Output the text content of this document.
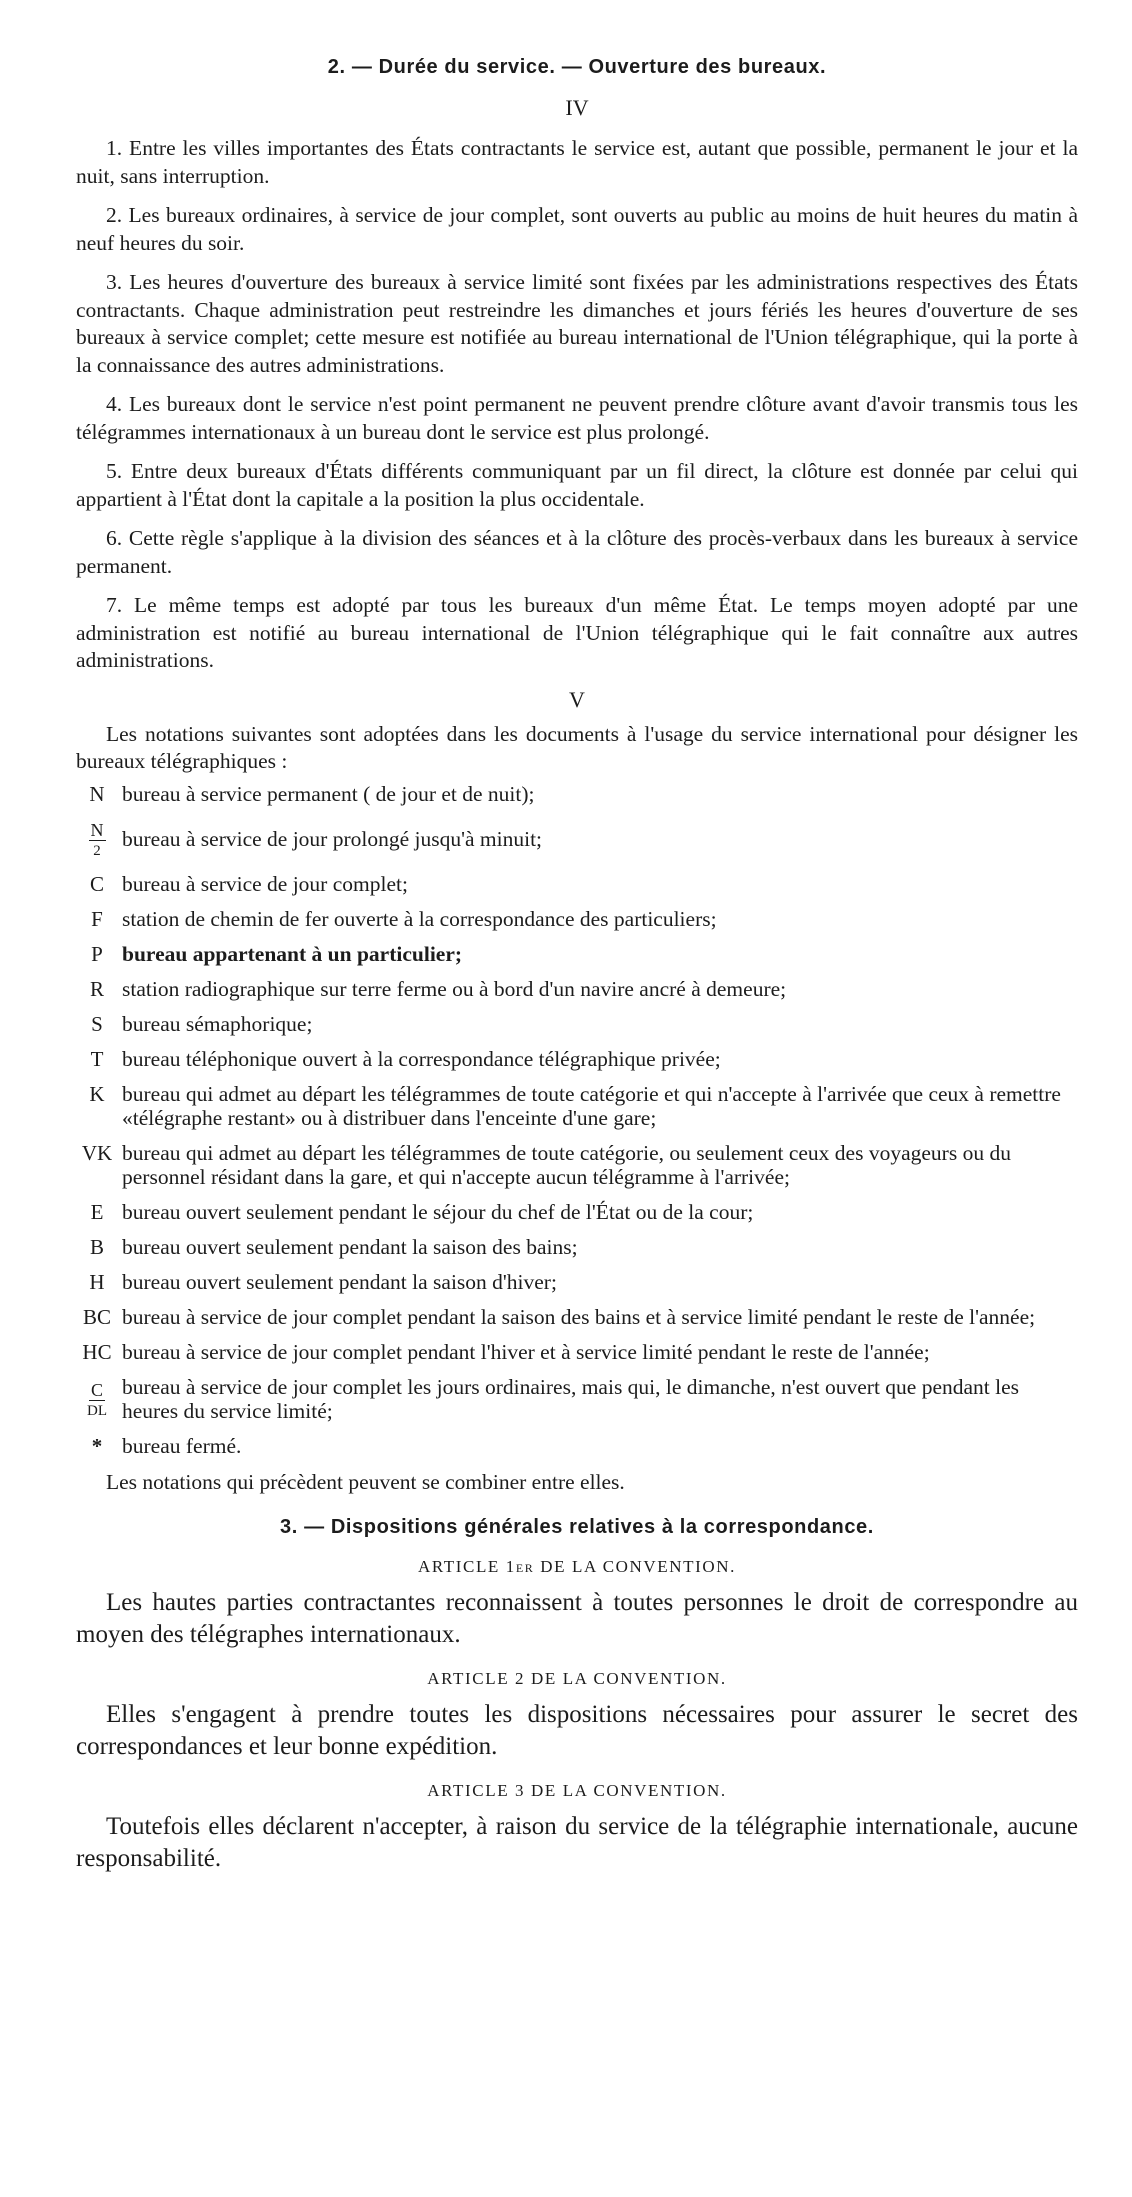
2. — Durée du service. — Ouverture des bureaux.
IV

1. Entre les villes importantes des États contractants le service est, autant que possible, permanent le jour et la nuit, sans interruption.

2. Les bureaux ordinaires, à service de jour complet, sont ouverts au public au moins de huit heures du matin à neuf heures du soir.

3. Les heures d'ouverture des bureaux à service limité sont fixées par les administrations respectives des États contractants. Chaque administration peut restreindre les dimanches et jours fériés les heures d'ouverture de ses bureaux à service complet; cette mesure est notifiée au bureau international de l'Union télégraphique, qui la porte à la connaissance des autres administrations.

4. Les bureaux dont le service n'est point permanent ne peuvent prendre clôture avant d'avoir transmis tous les télégrammes internationaux à un bureau dont le service est plus prolongé.

5. Entre deux bureaux d'États différents communiquant par un fil direct, la clôture est donnée par celui qui appartient à l'État dont la capitale a la position la plus occidentale.

6. Cette règle s'applique à la division des séances et à la clôture des procès-verbaux dans les bureaux à service permanent.

7. Le même temps est adopté par tous les bureaux d'un même État. Le temps moyen adopté par une administration est notifié au bureau international de l'Union télégraphique qui le fait connaître aux autres administrations.

V

Les notations suivantes sont adoptées dans les documents à l'usage du service international pour désigner les bureaux télégraphiques :

N bureau à service permanent ( de jour et de nuit);
$\frac{N}{2}$ bureau à service de jour prolongé jusqu'à minuit;
C bureau à service de jour complet;
F station de chemin de fer ouverte à la correspondance des particuliers;
P bureau appartenant à un particulier;
R station radiographique sur terre ferme ou à bord d'un navire ancré à demeure;
S bureau sémaphorique;
T bureau téléphonique ouvert à la correspondance télégraphique privée;
K bureau qui admet au départ les télégrammes de toute catégorie et qui n'accepte à l'arrivée que ceux à remettre «télégraphe restant» ou à distribuer dans l'enceinte d'une gare;
VK bureau qui admet au départ les télégrammes de toute catégorie, ou seulement ceux des voyageurs ou du personnel résidant dans la gare, et qui n'accepte aucun télégramme à l'arrivée;
E bureau ouvert seulement pendant le séjour du chef de l'État ou de la cour;
B bureau ouvert seulement pendant la saison des bains;
H bureau ouvert seulement pendant la saison d'hiver;
BC bureau à service de jour complet pendant la saison des bains et à service limité pendant le reste de l'année;
HC bureau à service de jour complet pendant l'hiver et à service limité pendant le reste de l'année;
$\frac{C}{DL}$ bureau à service de jour complet les jours ordinaires, mais qui, le dimanche, n'est ouvert que pendant les heures du service limité;
* bureau fermé.

Les notations qui précèdent peuvent se combiner entre elles.

3. — Dispositions générales relatives à la correspondance.
ARTICLE 1er DE LA CONVENTION.

Les hautes parties contractantes reconnaissent à toutes personnes le droit de correspondre au moyen des télégraphes internationaux.

ARTICLE 2 DE LA CONVENTION.

Elles s'engagent à prendre toutes les dispositions nécessaires pour assurer le secret des correspondances et leur bonne expédition.

ARTICLE 3 DE LA CONVENTION.

Toutefois elles déclarent n'accepter, à raison du service de la télégraphie internationale, aucune responsabilité.
